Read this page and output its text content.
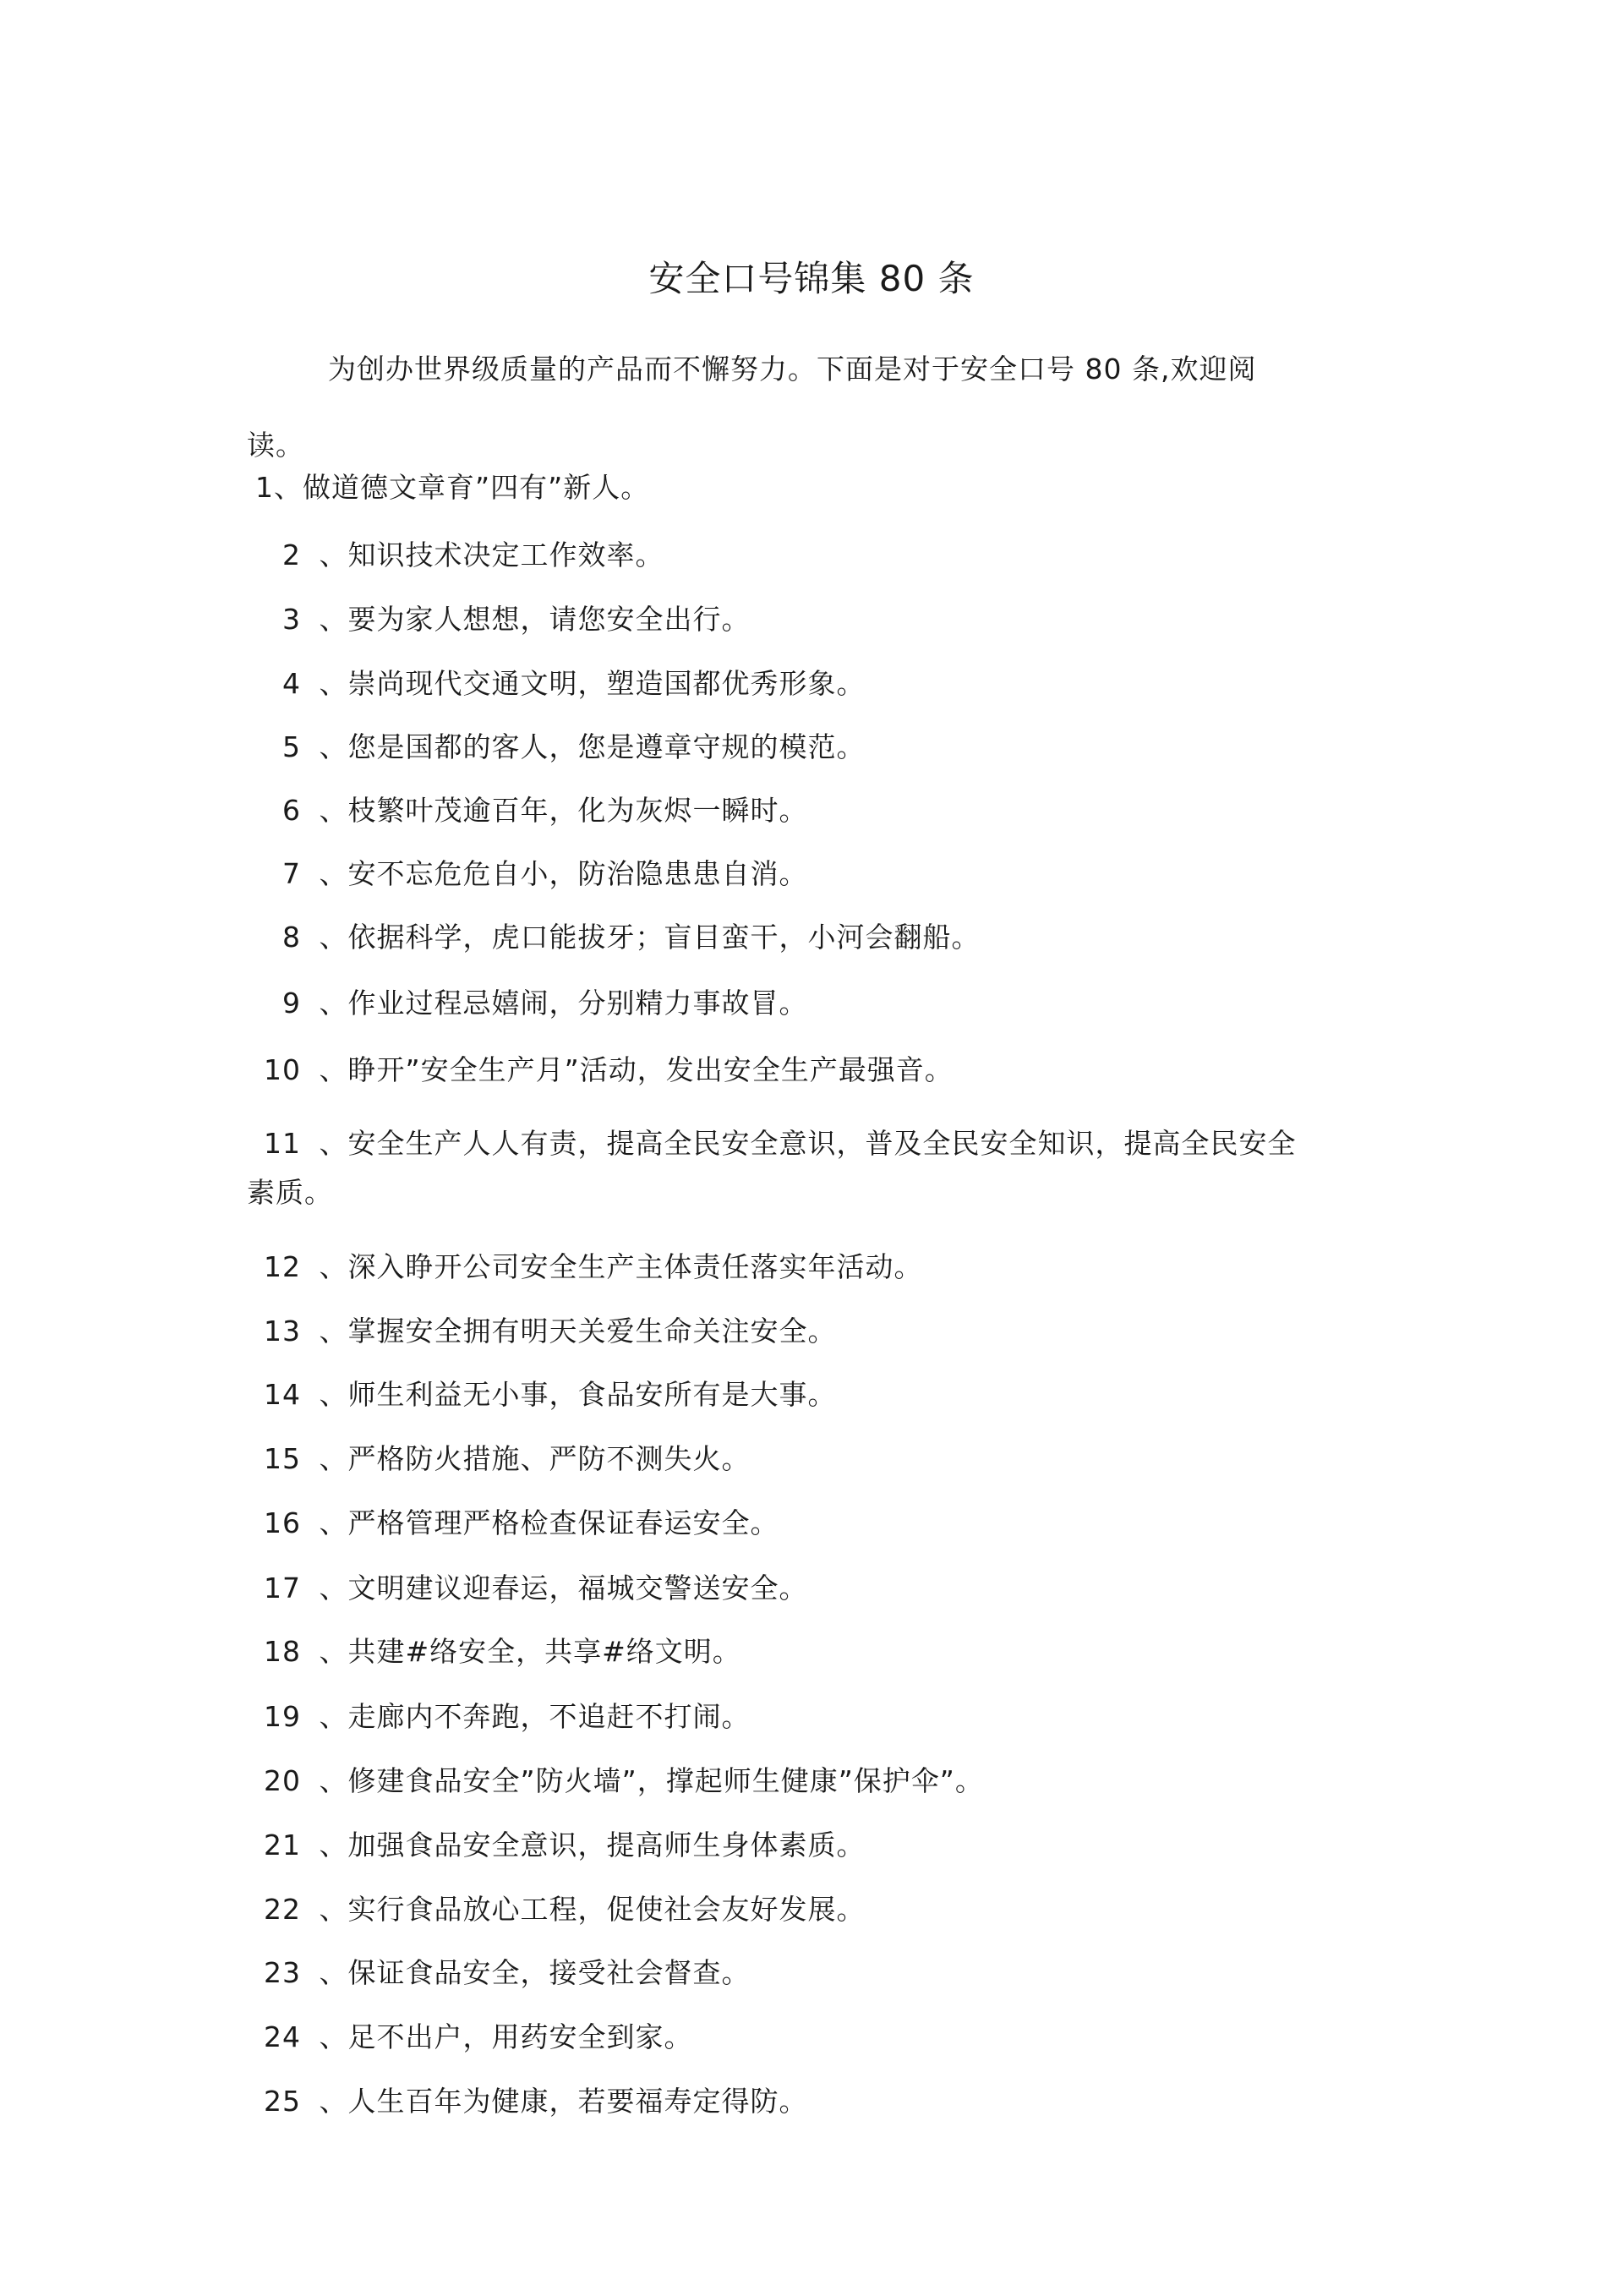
安全口号锦集 80 条

为创办世界级质量的产品而不懈努力。下面是对于安全口号 80 条,欢迎阅读。

1、做道德文章育”四有”新人。
2 、知识技术决定工作效率。
3 、要为家人想想，请您安全出行。
4 、崇尚现代交通文明，塑造国都优秀形象。
5 、您是国都的客人，您是遵章守规的模范。
6 、枝繁叶茂逾百年，化为灰烬一瞬时。
7 、安不忘危危自小，防治隐患患自消。
8 、依据科学，虎口能拔牙；盲目蛮干，小河会翻船。
9 、作业过程忌嬉闹，分别精力事故冒。
10 、睁开”安全生产月”活动，发出安全生产最强音。
11 、安全生产人人有责，提高全民安全意识，普及全民安全知识，提高全民安全素质。
12 、深入睁开公司安全生产主体责任落实年活动。
13 、掌握安全拥有明天关爱生命关注安全。
14 、师生利益无小事，食品安所有是大事。
15 、严格防火措施、严防不测失火。
16 、严格管理严格检查保证春运安全。
17 、文明建议迎春运，福城交警送安全。
18 、共建#络安全，共享#络文明。
19 、走廊内不奔跑，不追赶不打闹。
20 、修建食品安全”防火墙”，撑起师生健康”保护伞”。
21 、加强食品安全意识，提高师生身体素质。
22 、实行食品放心工程，促使社会友好发展。
23 、保证食品安全，接受社会督查。
24 、足不出户，用药安全到家。
25 、人生百年为健康，若要福寿定得防。
